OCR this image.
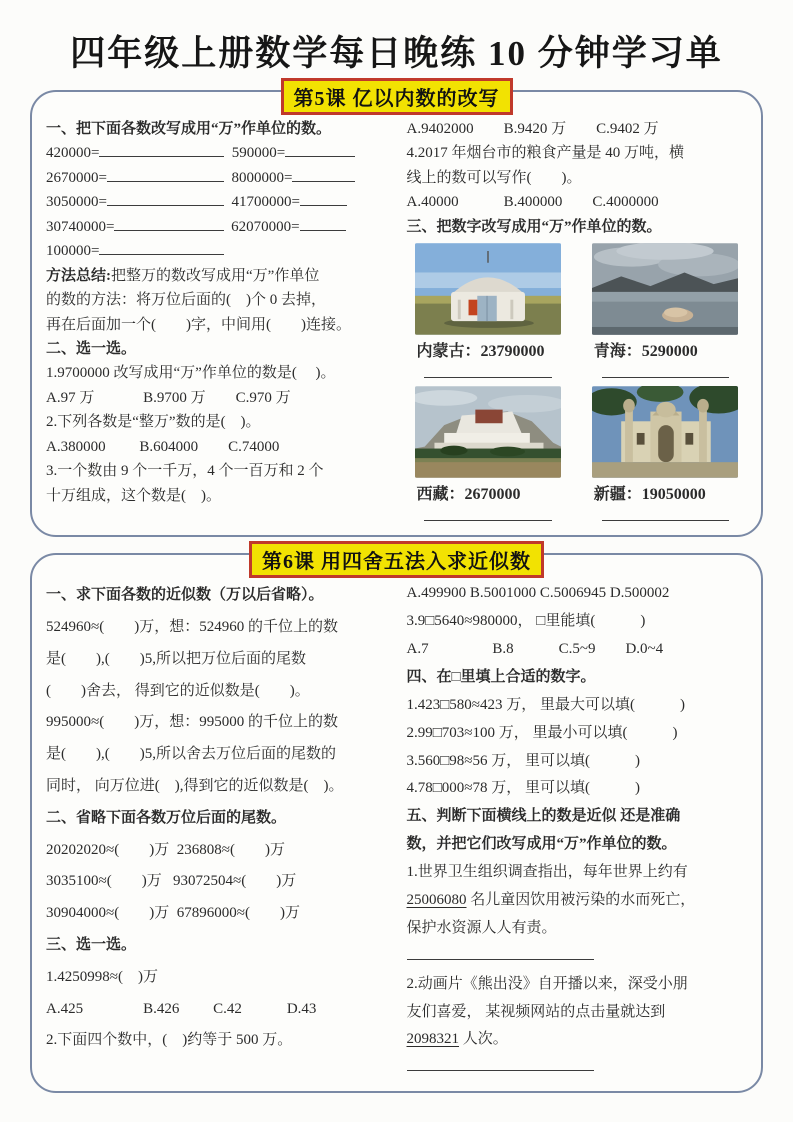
四年级上册数学每日晚练 10 分钟学习单
第5课 亿以内数的改写
一、把下面各数改写成用“万”作单位的数。
420000=	590000=
2670000=	8000000=
3050000=	41700000=
30740000=	62070000=
100000=
方法总结:把整万的数改写成用“万”作单位
的数的方法：将万位后面的(　)个 0 去掉，
再在后面加一个(　　)字，中间用(　　)连接。
二、选一选。
1.9700000 改写成用“万”作单位的数是(　 )。
A.97 万　　　 B.9700 万　　C.970 万
2.下列各数是“整万”数的是(　)。
A.380000　　 B.604000　　C.74000
3.一个数由 9 个一千万，4 个一百万和 2 个
十万组成，这个数是(　)。
A.9402000　　B.9420 万　　C.9402 万
4.2017 年烟台市的粮食产量是 40 万吨，横
线上的数可以写作(　　)。
A.40000　　　B.400000　　C.4000000
三、把数字改写成用“万”作单位的数。
内蒙古：23790000	青海：5290000
西藏：2670000	新疆：19050000
第6课 用四舍五法入求近似数
一、求下面各数的近似数（万以后省略）。
524960≈(　　)万，想：524960 的千位上的数
是(　　),(　　)5,所以把万位后面的尾数
(　　)舍去， 得到它的近似数是(　　)。
995000≈(　　)万，想：995000 的千位上的数
是(　　),(　　)5,所以舍去万位后面的尾数的
同时， 向万位进(　),得到它的近似数是(　)。
二、省略下面各数万位后面的尾数。
20202020≈(　　)万  236808≈(　　)万
3035100≈(　　)万   93072504≈(　　)万
30904000≈(　　)万  67896000≈(　　)万
三、选一选。
1.4250998≈(　)万
A.425　　　　B.426　　 C.42　　　D.43
2.下面四个数中，(　)约等于 500 万。
A.499900 B.5001000 C.5006945 D.500002
3.9□5640≈980000， □里能填(　　　)
A.7　　　　 B.8　　　C.5~9　　D.0~4
四、在□里填上合适的数字。
1.423□580≈423 万， 里最大可以填(　　　)
2.99□703≈100 万， 里最小可以填(　　　)
3.560□98≈56 万， 里可以填(　　　)
4.78□000≈78 万， 里可以填(　　　)
五、判断下面横线上的数是近似 还是准确
数，并把它们改写成用“万”作单位的数。
1.世界卫生组织调查指出，每年世界上约有
25006080 名儿童因饮用被污染的水而死亡，
保护水资源人人有责。
2.动画片《熊出没》自开播以来，深受小朋
友们喜爱， 某视频网站的点击量就达到
2098321 人次。
